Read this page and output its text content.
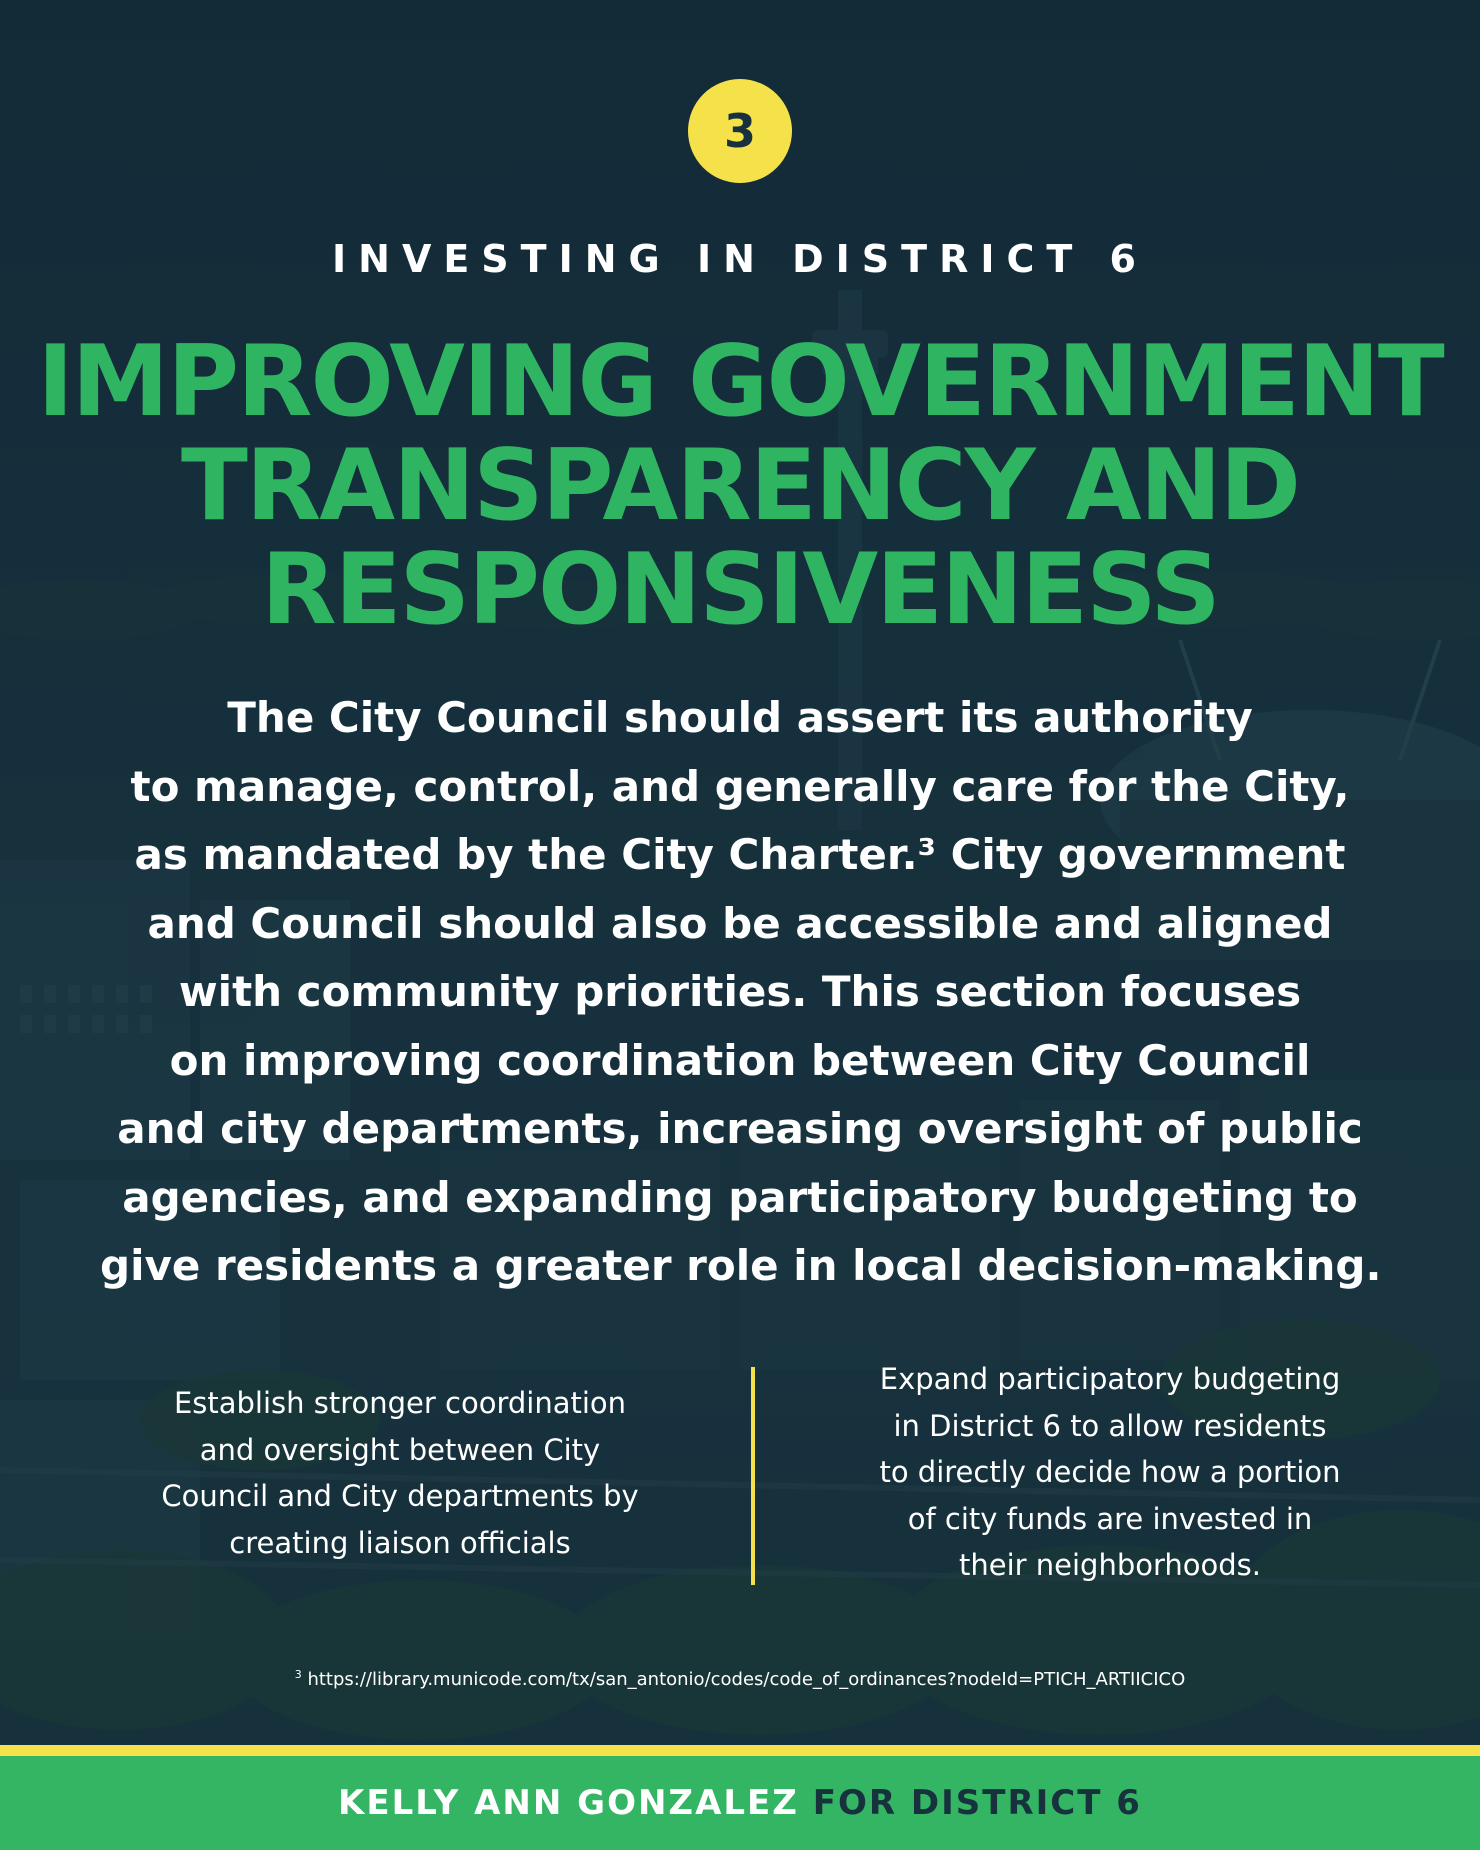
3
INVESTING IN DISTRICT 6
IMPROVING GOVERNMENT
TRANSPARENCY AND
RESPONSIVENESS
The City Council should assert its authority
to manage, control, and generally care for the City,
as mandated by the City Charter.³ City government
and Council should also be accessible and aligned
with community priorities. This section focuses
on improving coordination between City Council
and city departments, increasing oversight of public
agencies, and expanding participatory budgeting to
give residents a greater role in local decision-making.
Establish stronger coordination
and oversight between City
Council and City departments by
creating liaison officials
Expand participatory budgeting
in District 6 to allow residents
to directly decide how a portion
of city funds are invested in
their neighborhoods.
$^3$ https://library.municode.com/tx/san_antonio/codes/code_of_ordinances?nodeId=PTICH_ARTIICICO
KELLY ANN GONZALEZ FOR DISTRICT 6
